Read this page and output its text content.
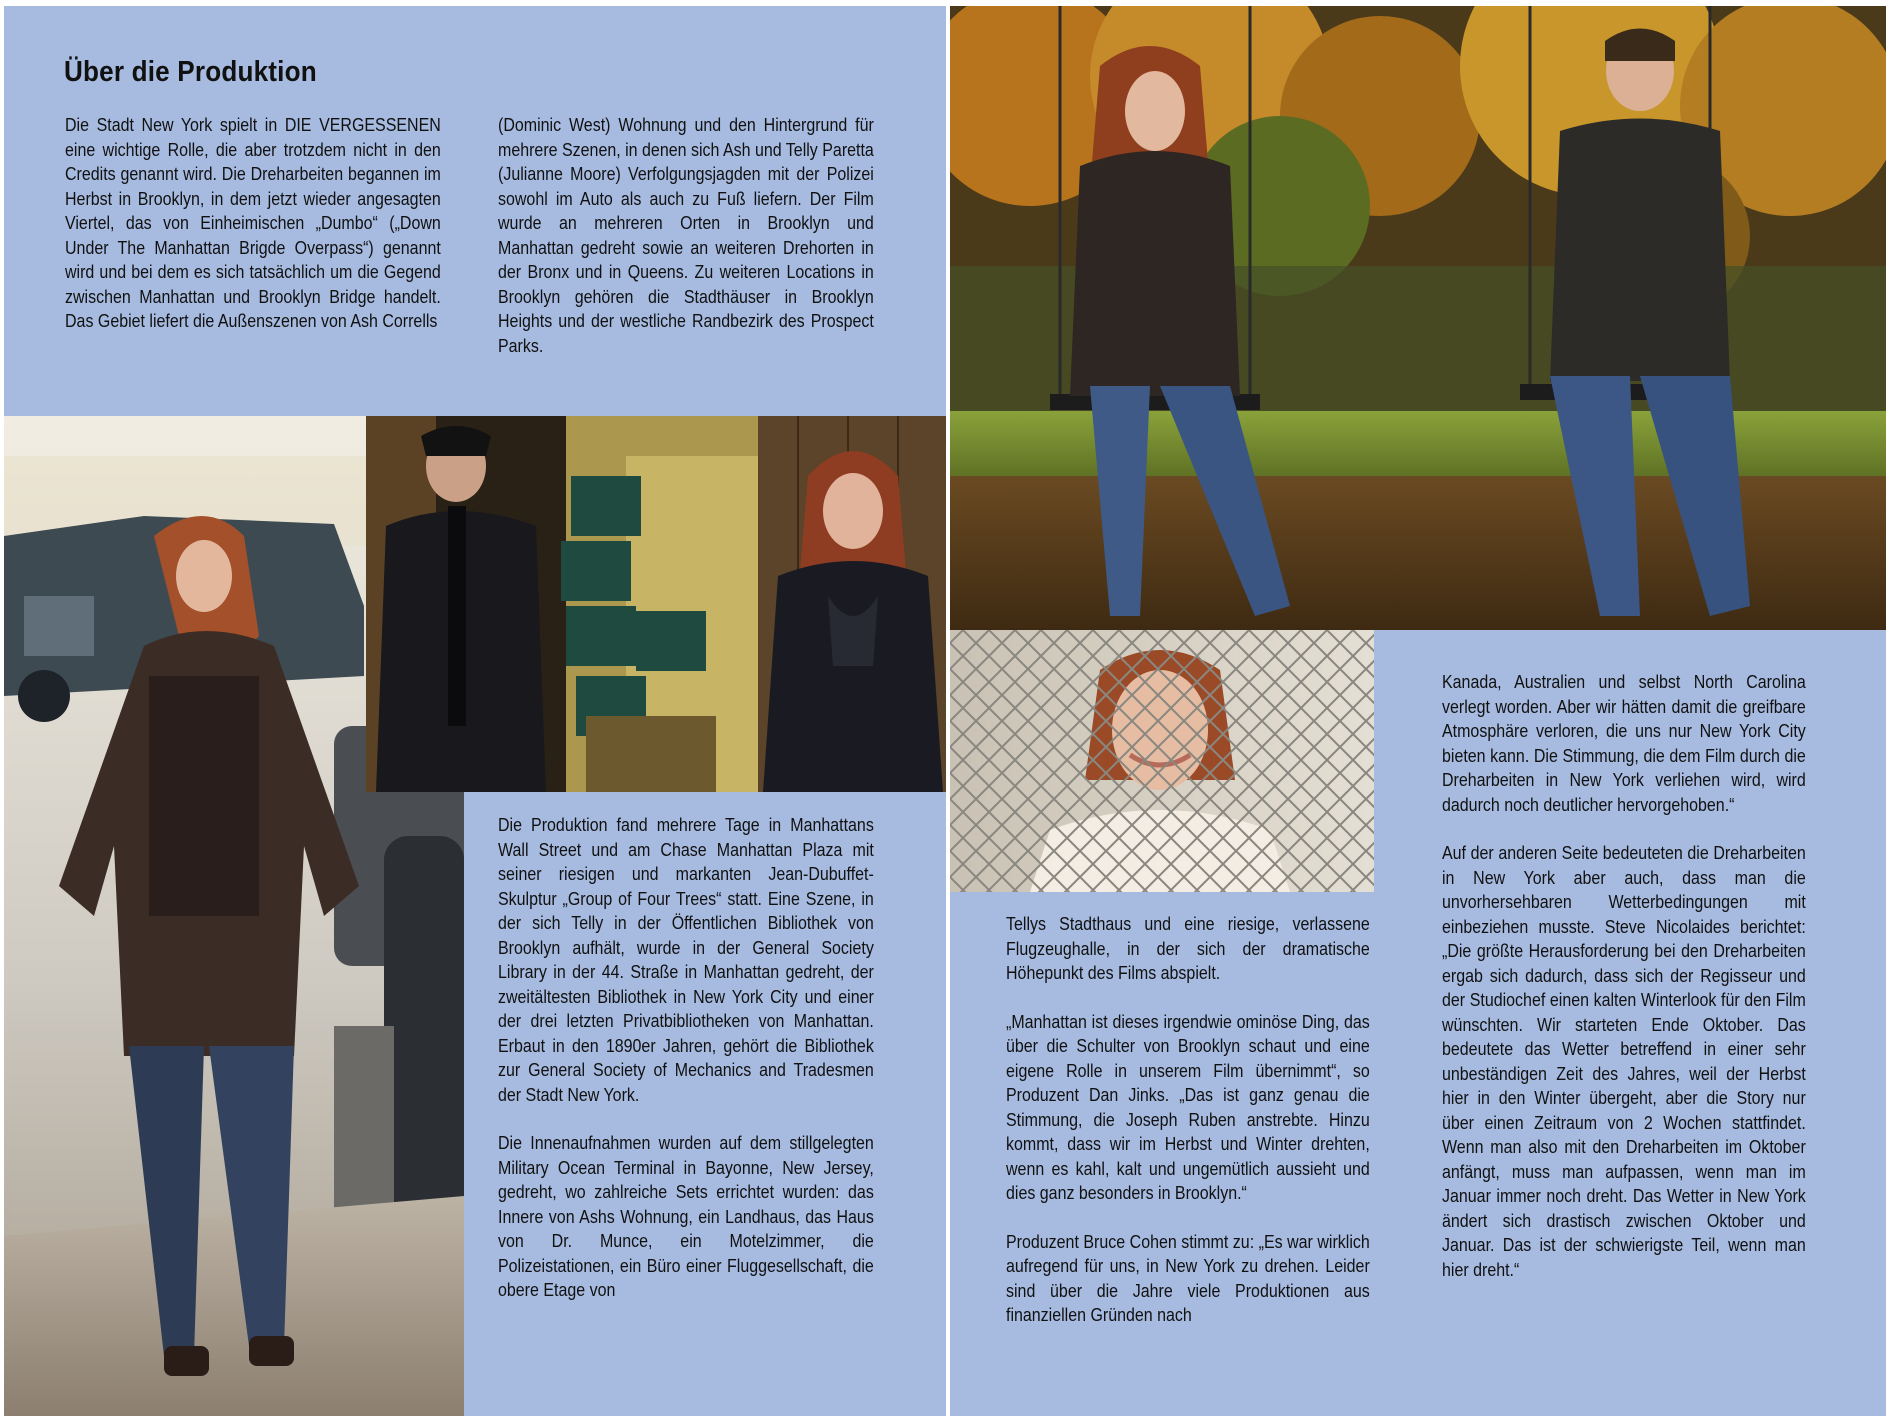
Über die Produktion

Die Stadt New York spielt in DIE VERGESSENEN eine wichtige Rolle, die aber trotzdem nicht in den Credits genannt wird. Die Dreharbeiten begannen im Herbst in Brooklyn, in dem jetzt wieder angesagten Viertel, das von Einheimischen „Dumbo“ („Down Under The Manhattan Brigde Overpass“) genannt wird und bei dem es sich tatsächlich um die Gegend zwischen Manhattan und Brooklyn Bridge handelt. Das Gebiet liefert die Außenszenen von Ash Corrells

(Dominic West) Wohnung und den Hintergrund für mehrere Szenen, in denen sich Ash und Telly Paretta (Julianne Moore) Verfolgungsjagden mit der Polizei sowohl im Auto als auch zu Fuß liefern. Der Film wurde an mehreren Orten in Brooklyn und Manhattan gedreht sowie an weiteren Drehorten in der Bronx und in Queens. Zu weiteren Locations in Brooklyn gehören die Stadthäuser in Brooklyn Heights und der westliche Randbezirk des Prospect Parks.

Die Produktion fand mehrere Tage in Manhattans Wall Street und am Chase Manhattan Plaza mit seiner riesigen und markanten Jean-Dubuffet-Skulptur „Group of Four Trees“ statt. Eine Szene, in der sich Telly in der Öffentlichen Bibliothek von Brooklyn aufhält, wurde in der General Society Library in der 44. Straße in Manhattan gedreht, der zweitältesten Bibliothek in New York City und einer der drei letzten Privatbibliotheken von Manhattan. Erbaut in den 1890er Jahren, gehört die Bibliothek zur General Society of Mechanics and Tradesmen der Stadt New York.

Die Innenaufnahmen wurden auf dem stillgelegten Military Ocean Terminal in Bayonne, New Jersey, gedreht, wo zahlreiche Sets errichtet wurden: das Innere von Ashs Wohnung, ein Landhaus, das Haus von Dr. Munce, ein Motelzimmer, die Polizeistationen, ein Büro einer Fluggesellschaft, die obere Etage von

Tellys Stadthaus und eine riesige, verlassene Flugzeughalle, in der sich der dramatische Höhepunkt des Films abspielt.

„Manhattan ist dieses irgendwie ominöse Ding, das über die Schulter von Brooklyn schaut und eine eigene Rolle in unserem Film übernimmt“, so Produzent Dan Jinks. „Das ist ganz genau die Stimmung, die Joseph Ruben anstrebte. Hinzu kommt, dass wir im Herbst und Winter drehten, wenn es kahl, kalt und ungemütlich aussieht und dies ganz besonders in Brooklyn.“

Produzent Bruce Cohen stimmt zu: „Es war wirklich aufregend für uns, in New York zu drehen. Leider sind über die Jahre viele Produktionen aus finanziellen Gründen nach

Kanada, Australien und selbst North Carolina verlegt worden. Aber wir hätten damit die greifbare Atmosphäre verloren, die uns nur New York City bieten kann. Die Stimmung, die dem Film durch die Dreharbeiten in New York verliehen wird, wird dadurch noch deutlicher hervorgehoben.“

Auf der anderen Seite bedeuteten die Dreharbeiten in New York aber auch, dass man die unvorhersehbaren Wetterbedingungen mit einbeziehen musste. Steve Nicolaides berichtet: „Die größte Herausforderung bei den Dreharbeiten ergab sich dadurch, dass sich der Regisseur und der Studiochef einen kalten Winterlook für den Film wünschten. Wir starteten Ende Oktober. Das bedeutete das Wetter betreffend in einer sehr unbeständigen Zeit des Jahres, weil der Herbst hier in den Winter übergeht, aber die Story nur über einen Zeitraum von 2 Wochen stattfindet. Wenn man also mit den Dreharbeiten im Oktober anfängt, muss man aufpassen, wenn man im Januar immer noch dreht. Das Wetter in New York ändert sich drastisch zwischen Oktober und Januar. Das ist der schwierigste Teil, wenn man hier dreht.“
